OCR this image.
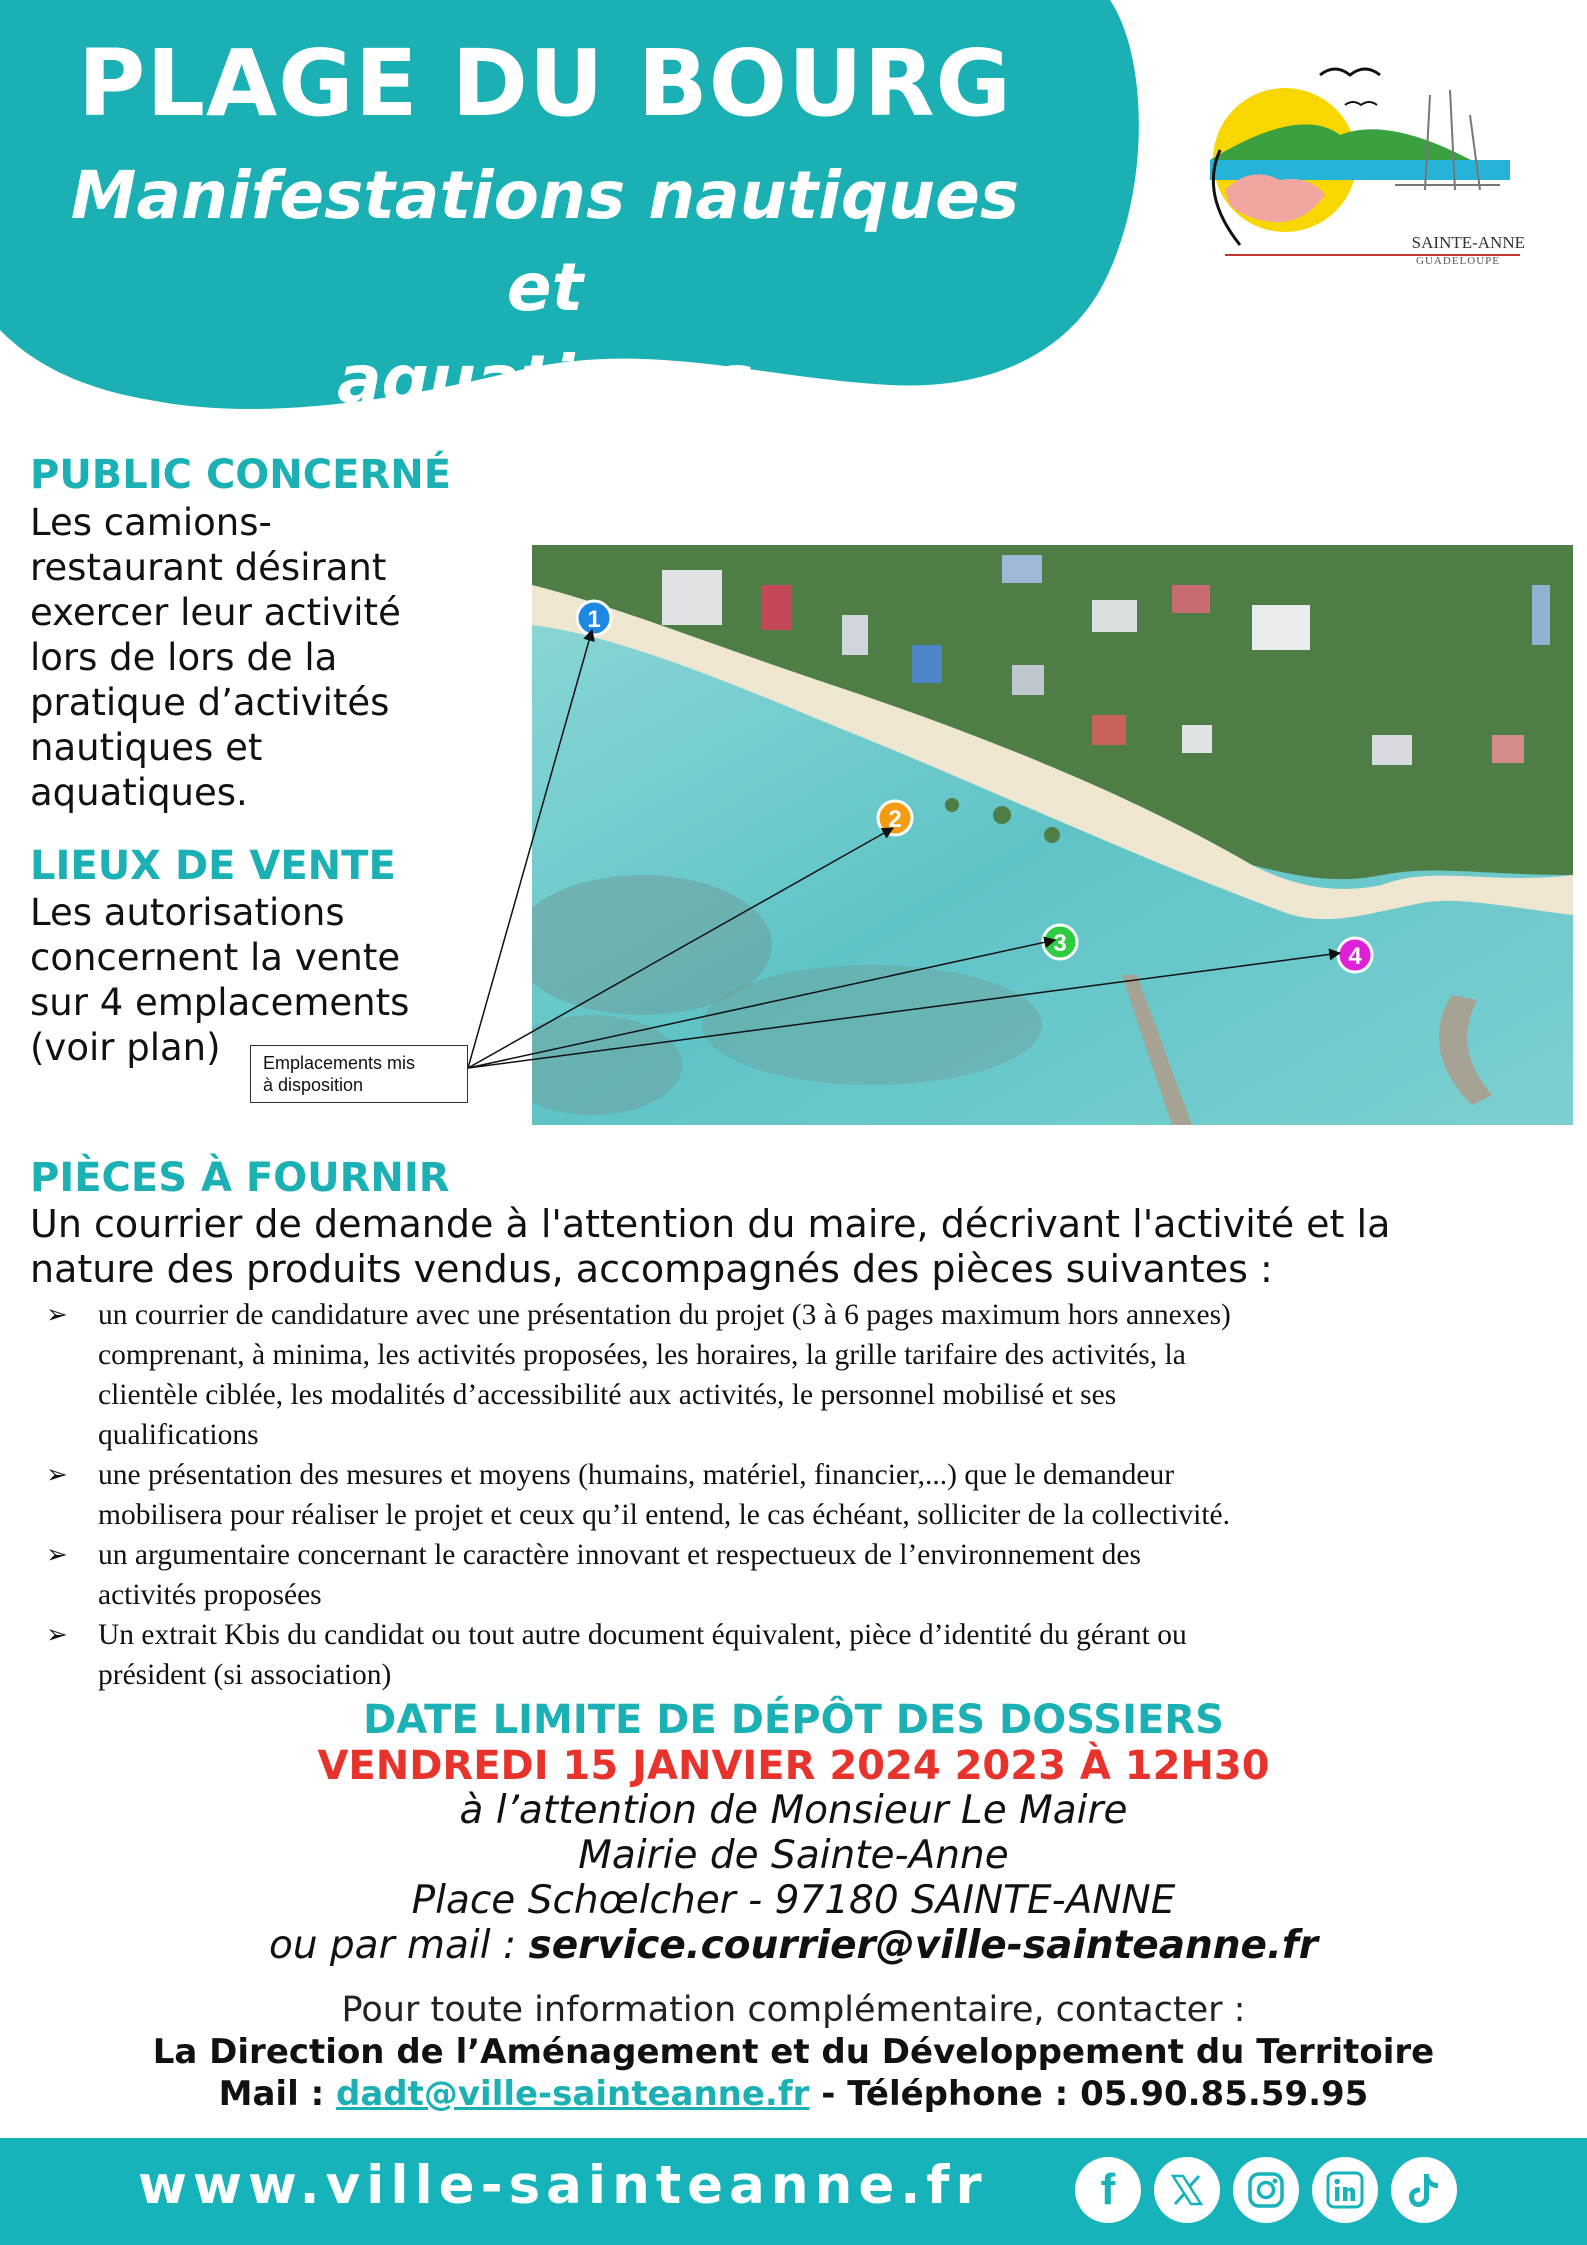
PLAGE DU BOURG
Manifestations nautiques et
aquatiques
SAINTE-ANNE
GUADELOUPE
PUBLIC CONCERNÉ
Les camions-
restaurant désirant
exercer leur activité
lors de lors de la
pratique d’activités
nautiques et
aquatiques.
LIEUX DE VENTE
Les autorisations
concernent la vente
sur 4 emplacements
(voir plan)
1
2
3	4
Emplacements mis
à disposition
PIÈCES À FOURNIR
Un courrier de demande à l'attention du maire, décrivant l'activité et la
nature des produits vendus, accompagnés des pièces suivantes :
➢ un courrier de candidature avec une présentation du projet (3 à 6 pages maximum hors annexes)
comprenant, à minima, les activités proposées, les horaires, la grille tarifaire des activités, la
clientèle ciblée, les modalités d’accessibilité aux activités, le personnel mobilisé et ses
qualifications
➢ une présentation des mesures et moyens (humains, matériel, financier,...) que le demandeur
mobilisera pour réaliser le projet et ceux qu’il entend, le cas échéant, solliciter de la collectivité.
➢ un argumentaire concernant le caractère innovant et respectueux de l’environnement des
activités proposées
➢ Un extrait Kbis du candidat ou tout autre document équivalent, pièce d’identité du gérant ou
président (si association)

DATE LIMITE DE DÉPÔT DES DOSSIERS

VENDREDI 15 JANVIER 2024 2023 À 12H30

à l’attention de Monsieur Le Maire
Mairie de Sainte-Anne
Place Schœlcher - 97180 SAINTE-ANNE
ou par mail : service.courrier@ville-sainteanne.fr

Pour toute information complémentaire, contacter :

La Direction de l’Aménagement et du Développement du Territoire

Mail : dadt@ville-sainteanne.fr - Téléphone : 05.90.85.59.95

www.ville-sainteanne.fr	f
